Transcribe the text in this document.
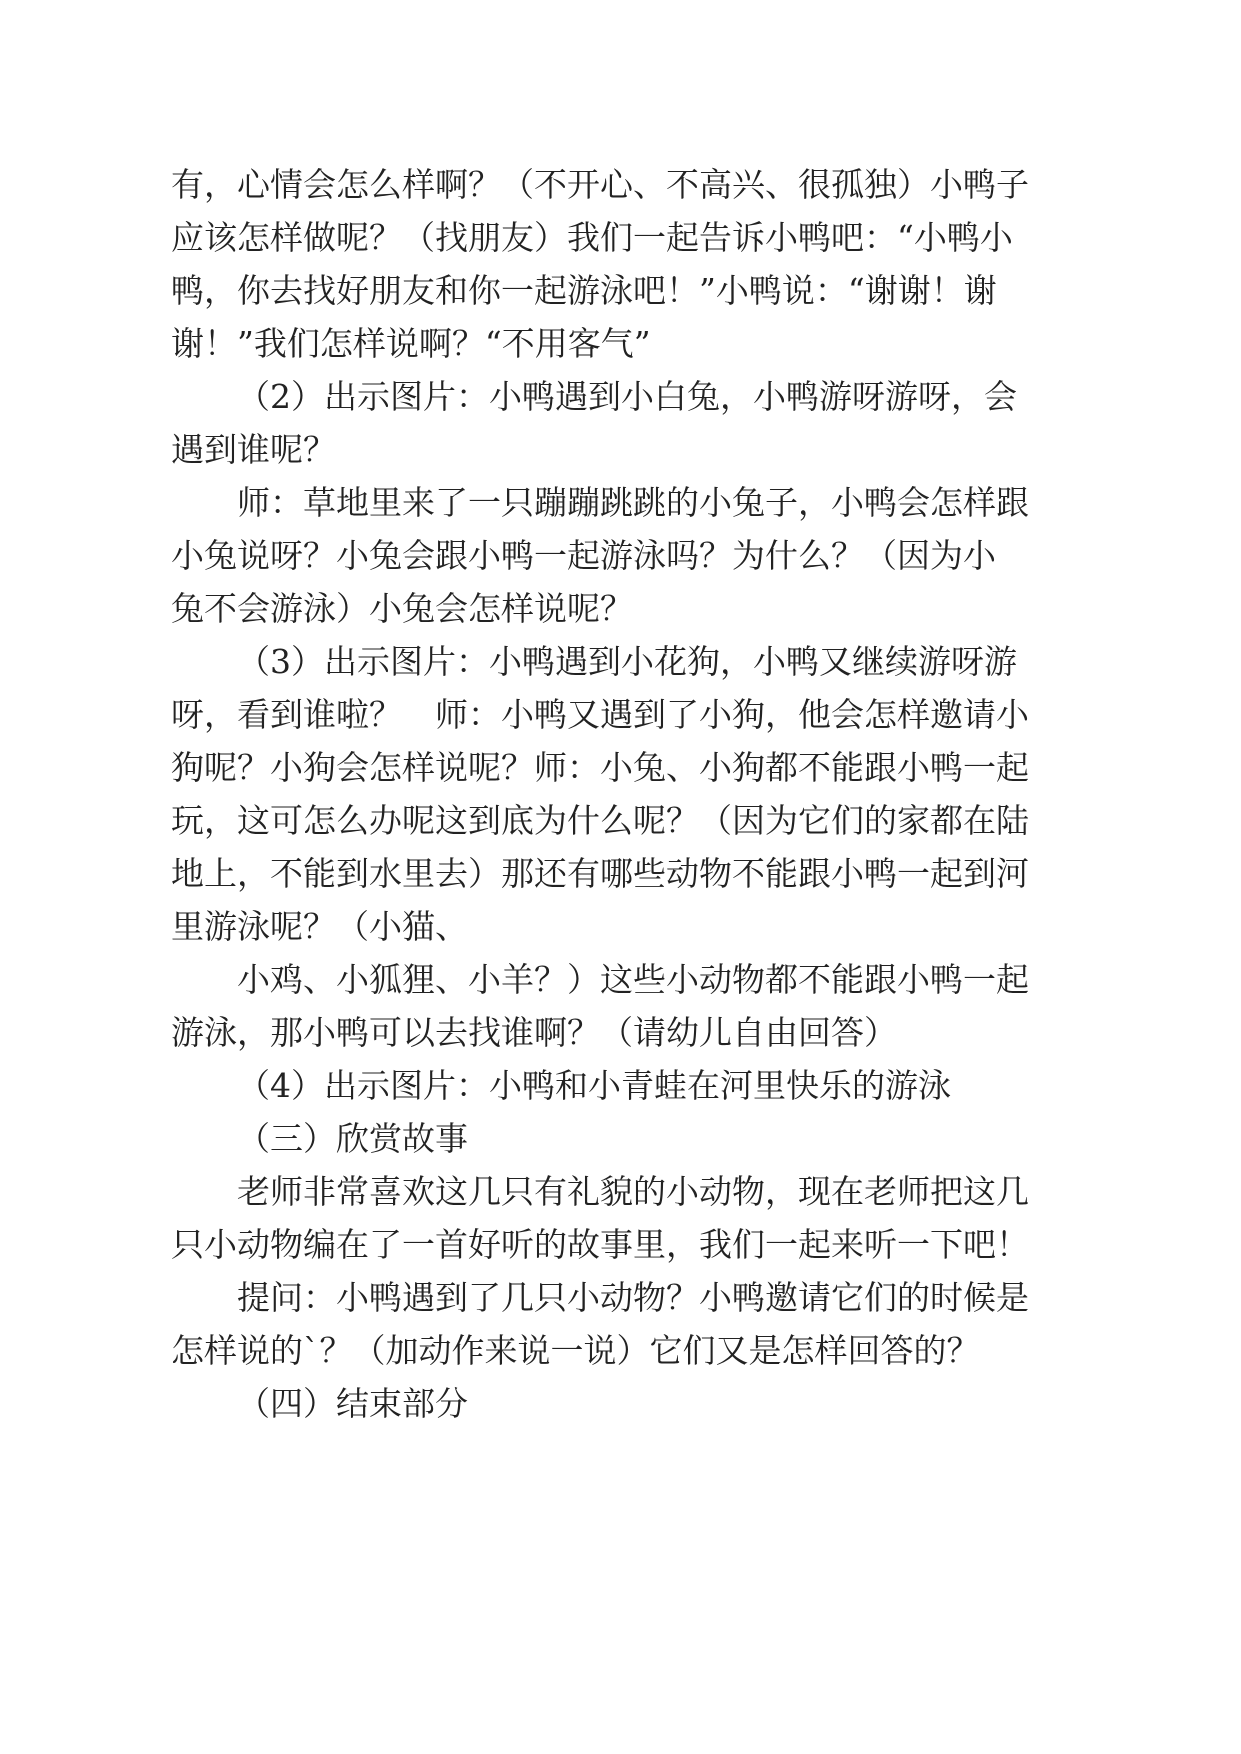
有，心情会怎么样啊？（不开心、不高兴、很孤独）小鸭子
应该怎样做呢？（找朋友）我们一起告诉小鸭吧：“小鸭小
鸭，你去找好朋友和你一起游泳吧！”小鸭说：“谢谢！谢
谢！”我们怎样说啊？“不用客气”
（2）出示图片：小鸭遇到小白兔，小鸭游呀游呀，会
遇到谁呢？
师：草地里来了一只蹦蹦跳跳的小兔子，小鸭会怎样跟
小兔说呀？小兔会跟小鸭一起游泳吗？为什么？（因为小
兔不会游泳）小兔会怎样说呢？
（3）出示图片：小鸭遇到小花狗，小鸭又继续游呀游
呀，看到谁啦？　师：小鸭又遇到了小狗，他会怎样邀请小
狗呢？小狗会怎样说呢？师：小兔、小狗都不能跟小鸭一起
玩，这可怎么办呢这到底为什么呢？（因为它们的家都在陆
地上，不能到水里去）那还有哪些动物不能跟小鸭一起到河
里游泳呢？（小猫、
小鸡、小狐狸、小羊？）这些小动物都不能跟小鸭一起
游泳，那小鸭可以去找谁啊？（请幼儿自由回答）
（4）出示图片：小鸭和小青蛙在河里快乐的游泳
（三）欣赏故事
老师非常喜欢这几只有礼貌的小动物，现在老师把这几
只小动物编在了一首好听的故事里，我们一起来听一下吧！
提问：小鸭遇到了几只小动物？小鸭邀请它们的时候是
怎样说的`？（加动作来说一说）它们又是怎样回答的？
（四）结束部分
